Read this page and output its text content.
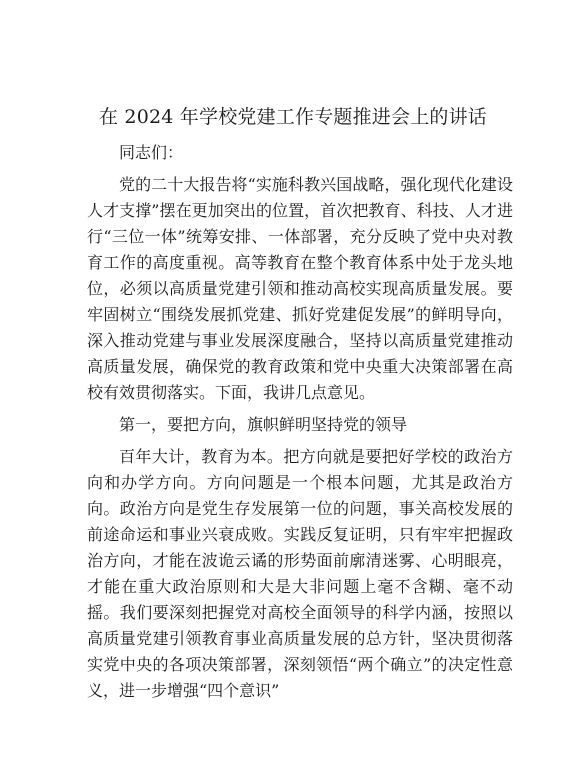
在 2024 年学校党建工作专题推进会上的讲话

同志们：

党的二十大报告将“实施科教兴国战略，强化现代化建设人才支撑”摆在更加突出的位置，首次把教育、科技、人才进行“三位一体”统筹安排、一体部署，充分反映了党中央对教育工作的高度重视。高等教育在整个教育体系中处于龙头地位，必须以高质量党建引领和推动高校实现高质量发展。要牢固树立“围绕发展抓党建、抓好党建促发展”的鲜明导向，深入推动党建与事业发展深度融合，坚持以高质量党建推动高质量发展，确保党的教育政策和党中央重大决策部署在高校有效贯彻落实。下面，我讲几点意见。

第一，要把方向，旗帜鲜明坚持党的领导

百年大计，教育为本。把方向就是要把好学校的政治方向和办学方向。方向问题是一个根本问题，尤其是政治方向。政治方向是党生存发展第一位的问题，事关高校发展的前途命运和事业兴衰成败。实践反复证明，只有牢牢把握政治方向，才能在波诡云谲的形势面前廓清迷雾、心明眼亮，才能在重大政治原则和大是大非问题上毫不含糊、毫不动摇。我们要深刻把握党对高校全面领导的科学内涵，按照以高质量党建引领教育事业高质量发展的总方针，坚决贯彻落实党中央的各项决策部署，深刻领悟“两个确立”的决定性意义，进一步增强“四个意识”
